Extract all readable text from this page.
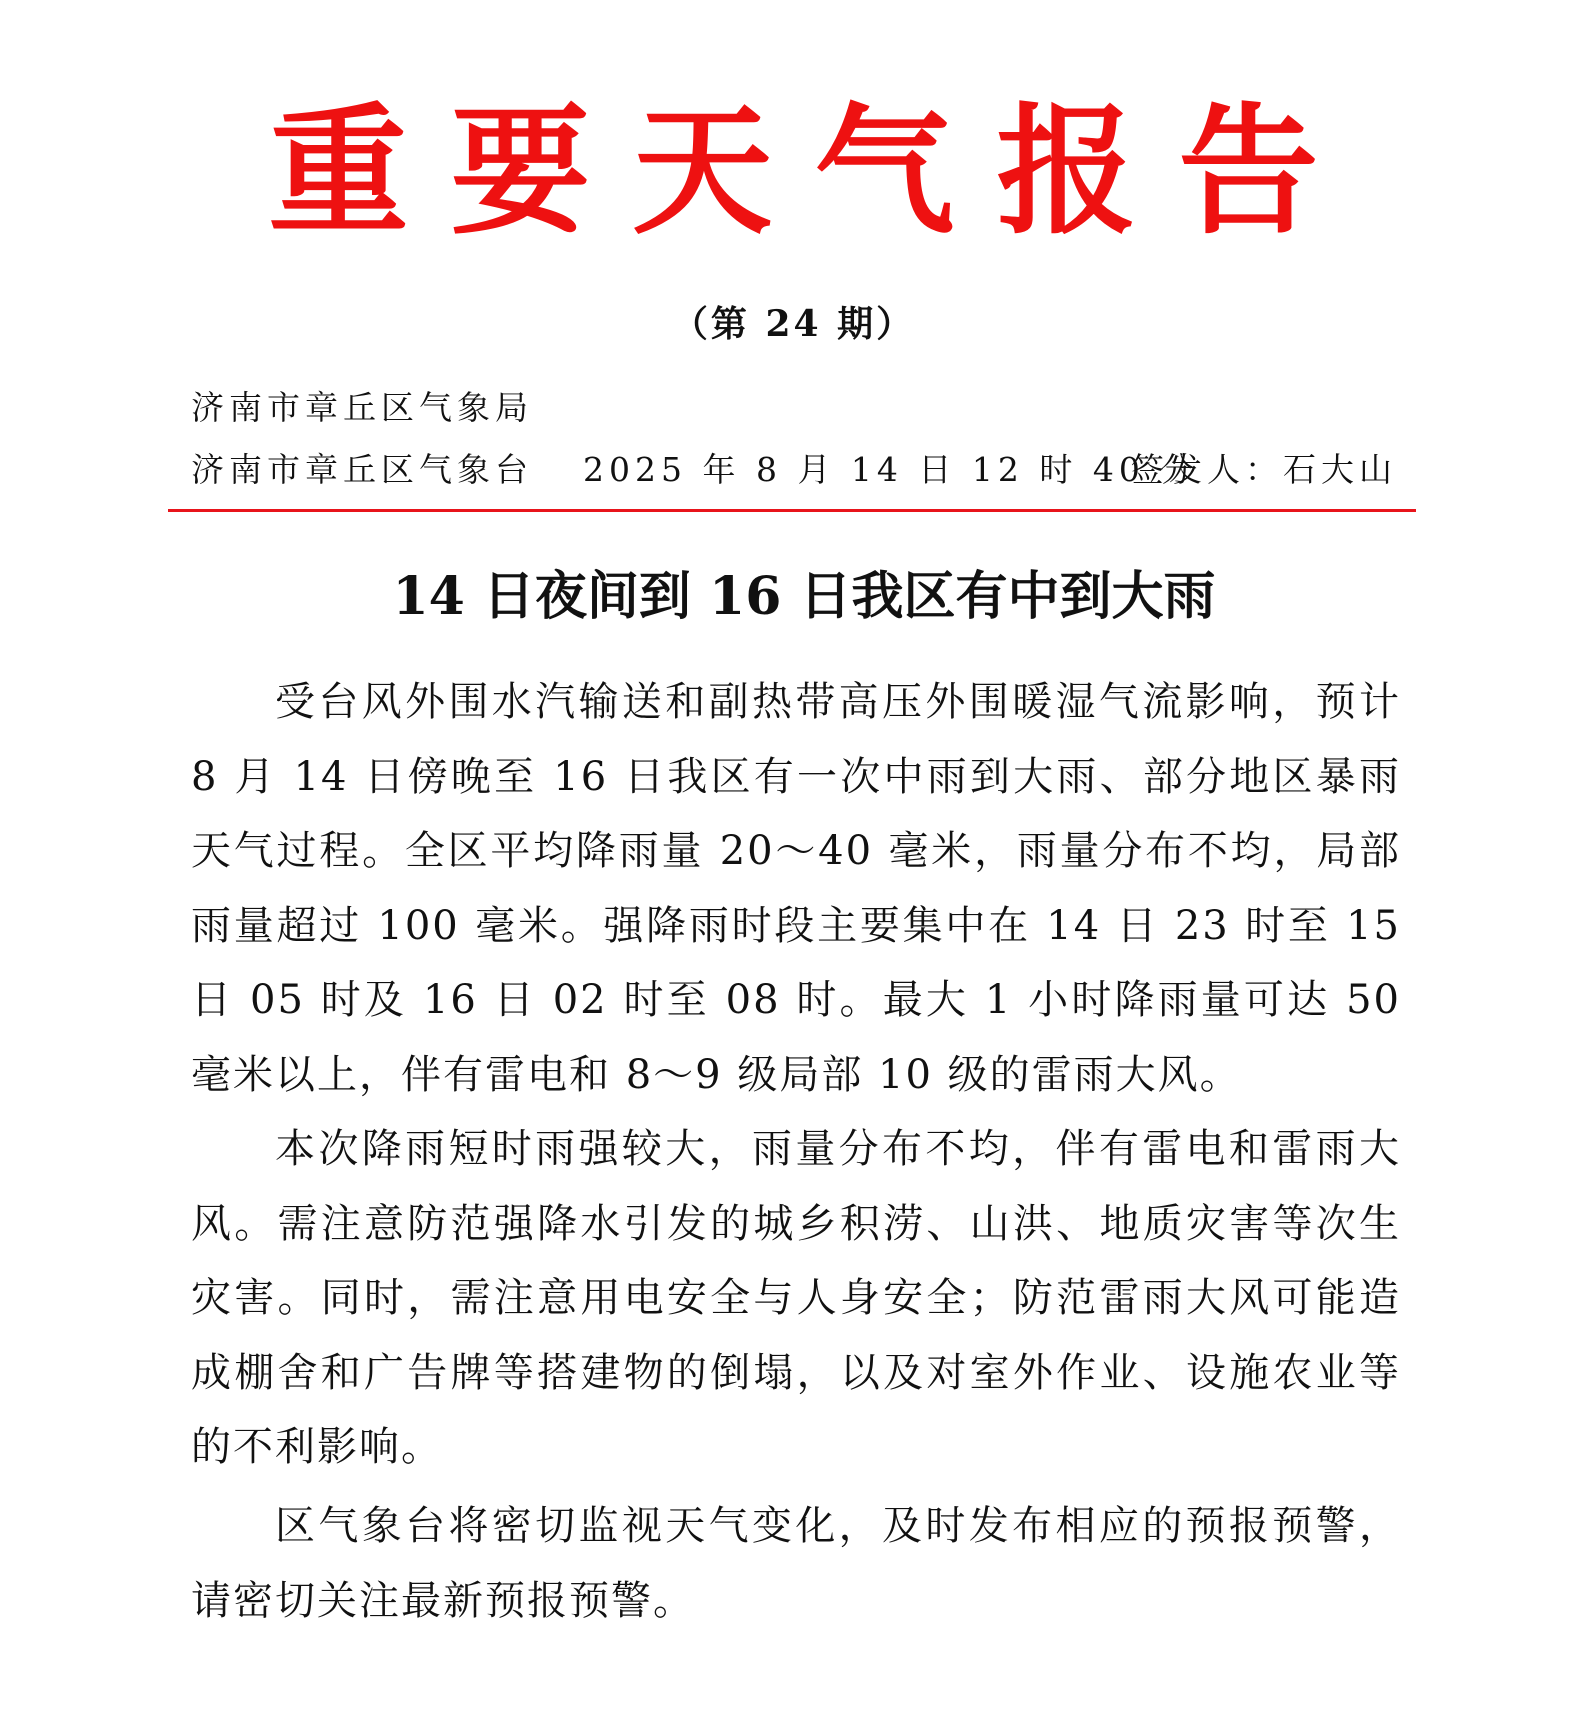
重要天气报告
（第 24 期）
济南市章丘区气象局
济南市章丘区气象台 2025 年 8 月 14 日 12 时 40 分
签发人：石大山
14 日夜间到 16 日我区有中到大雨

受台风外围水汽输送和副热带高压外围暖湿气流影响，预计 8 月 14 日傍晚至 16 日我区有一次中雨到大雨、部分地区暴雨天气过程。全区平均降雨量 20～40 毫米，雨量分布不均，局部雨量超过 100 毫米。强降雨时段主要集中在 14 日 23 时至 15 日 05 时及 16 日 02 时至 08 时。最大 1 小时降雨量可达 50 毫米以上，伴有雷电和 8～9 级局部 10 级的雷雨大风。

本次降雨短时雨强较大，雨量分布不均，伴有雷电和雷雨大风。需注意防范强降水引发的城乡积涝、山洪、地质灾害等次生灾害。同时，需注意用电安全与人身安全；防范雷雨大风可能造成棚舍和广告牌等搭建物的倒塌，以及对室外作业、设施农业等的不利影响。

区气象台将密切监视天气变化，及时发布相应的预报预警，请密切关注最新预报预警。
